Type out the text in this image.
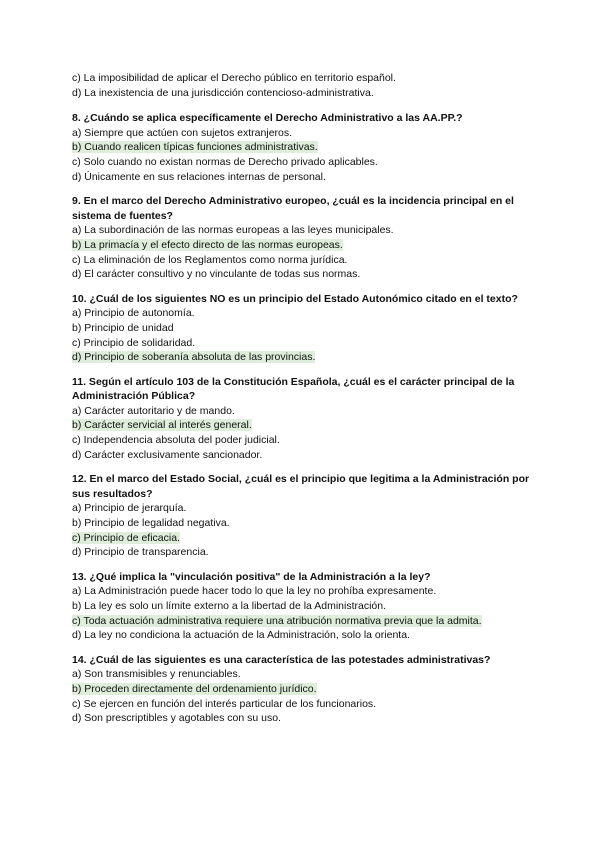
c) La imposibilidad de aplicar el Derecho público en territorio español.
d) La inexistencia de una jurisdicción contencioso-administrativa.
8. ¿Cuándo se aplica específicamente el Derecho Administrativo a las AA.PP.?
a) Siempre que actúen con sujetos extranjeros.
b) Cuando realicen típicas funciones administrativas.
c) Solo cuando no existan normas de Derecho privado aplicables.
d) Únicamente en sus relaciones internas de personal.
9. En el marco del Derecho Administrativo europeo, ¿cuál es la incidencia principal en el sistema de fuentes?
a) La subordinación de las normas europeas a las leyes municipales.
b) La primacía y el efecto directo de las normas europeas.
c) La eliminación de los Reglamentos como norma jurídica.
d) El carácter consultivo y no vinculante de todas sus normas.
10. ¿Cuál de los siguientes NO es un principio del Estado Autonómico citado en el texto?
a) Principio de autonomía.
b) Principio de unidad
c) Principio de solidaridad.
d) Principio de soberanía absoluta de las provincias.
11. Según el artículo 103 de la Constitución Española, ¿cuál es el carácter principal de la Administración Pública?
a) Carácter autoritario y de mando.
b) Carácter servicial al interés general.
c) Independencia absoluta del poder judicial.
d) Carácter exclusivamente sancionador.
12. En el marco del Estado Social, ¿cuál es el principio que legitima a la Administración por sus resultados?
a) Principio de jerarquía.
b) Principio de legalidad negativa.
c) Principio de eficacia.
d) Principio de transparencia.
13. ¿Qué implica la "vinculación positiva" de la Administración a la ley?
a) La Administración puede hacer todo lo que la ley no prohíba expresamente.
b) La ley es solo un límite externo a la libertad de la Administración.
c) Toda actuación administrativa requiere una atribución normativa previa que la admita.
d) La ley no condiciona la actuación de la Administración, solo la orienta.
14. ¿Cuál de las siguientes es una característica de las potestades administrativas?
a) Son transmisibles y renunciables.
b) Proceden directamente del ordenamiento jurídico.
c) Se ejercen en función del interés particular de los funcionarios.
d) Son prescriptibles y agotables con su uso.
